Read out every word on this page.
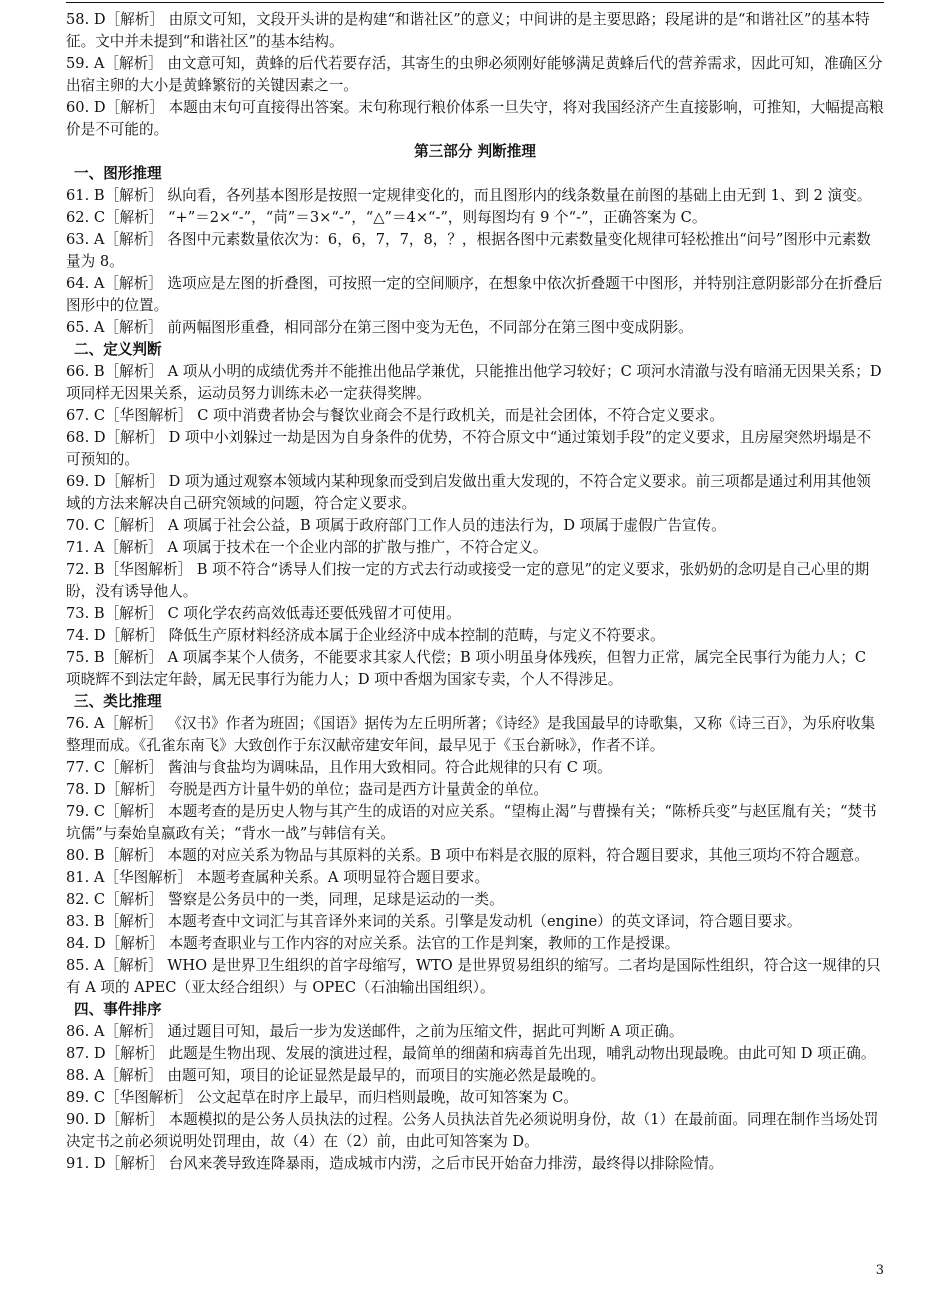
58. D［解析］ 由原文可知，文段开头讲的是构建“和谐社区”的意义；中间讲的是主要思路；段尾讲的是“和谐社区”的基本特征。文中并未提到“和谐社区”的基本结构。

59. A［解析］ 由文意可知，黄蜂的后代若要存活，其寄生的虫卵必须刚好能够满足黄蜂后代的营养需求，因此可知，准确区分出宿主卵的大小是黄蜂繁衍的关键因素之一。

60. D［解析］ 本题由末句可直接得出答案。末句称现行粮价体系一旦失守，将对我国经济产生直接影响，可推知，大幅提高粮价是不可能的。

第三部分 判断推理

一、图形推理

61. B［解析］ 纵向看，各列基本图形是按照一定规律变化的，而且图形内的线条数量在前图的基础上由无到 1、到 2 演变。

62. C［解析］ “+”＝2×“-”，“苘”＝3×“-”，“△”＝4×“-”，则每图均有 9 个“-”，正确答案为 C。

63. A［解析］ 各图中元素数量依次为：6，6，7，7，8，？，根据各图中元素数量变化规律可轻松推出“问号”图形中元素数量为 8。

64. A［解析］ 选项应是左图的折叠图，可按照一定的空间顺序，在想象中依次折叠题干中图形，并特别注意阴影部分在折叠后图形中的位置。

65. A［解析］ 前两幅图形重叠，相同部分在第三图中变为无色，不同部分在第三图中变成阴影。

二、定义判断

66. B［解析］ A 项从小明的成绩优秀并不能推出他品学兼优，只能推出他学习较好；C 项河水清澈与没有暗涌无因果关系；D 项同样无因果关系，运动员努力训练未必一定获得奖牌。

67. C［华图解析］ C 项中消费者协会与餐饮业商会不是行政机关，而是社会团体，不符合定义要求。

68. D［解析］ D 项中小刘躲过一劫是因为自身条件的优势，不符合原文中“通过策划手段”的定义要求，且房屋突然坍塌是不可预知的。

69. D［解析］ D 项为通过观察本领域内某种现象而受到启发做出重大发现的，不符合定义要求。前三项都是通过利用其他领域的方法来解决自己研究领域的问题，符合定义要求。

70. C［解析］ A 项属于社会公益，B 项属于政府部门工作人员的违法行为，D 项属于虚假广告宣传。

71. A［解析］ A 项属于技术在一个企业内部的扩散与推广，不符合定义。

72. B［华图解析］ B 项不符合“诱导人们按一定的方式去行动或接受一定的意见”的定义要求，张奶奶的念叨是自己心里的期盼，没有诱导他人。

73. B［解析］ C 项化学农药高效低毒还要低残留才可使用。

74. D［解析］ 降低生产原材料经济成本属于企业经济中成本控制的范畴，与定义不符要求。

75. B［解析］ A 项属李某个人债务，不能要求其家人代偿；B 项小明虽身体残疾，但智力正常，属完全民事行为能力人；C 项晓辉不到法定年龄，属无民事行为能力人；D 项中香烟为国家专卖，个人不得涉足。

三、类比推理

76. A［解析］ 《汉书》作者为班固；《国语》据传为左丘明所著；《诗经》是我国最早的诗歌集，又称《诗三百》，为乐府收集整理而成。《孔雀东南飞》大致创作于东汉献帝建安年间，最早见于《玉台新咏》，作者不详。

77. C［解析］ 酱油与食盐均为调味品，且作用大致相同。符合此规律的只有 C 项。

78. D［解析］ 夸脱是西方计量牛奶的单位；盎司是西方计量黄金的单位。

79. C［解析］ 本题考查的是历史人物与其产生的成语的对应关系。“望梅止渴”与曹操有关；“陈桥兵变”与赵匡胤有关；“焚书坑儒”与秦始皇嬴政有关；“背水一战”与韩信有关。

80. B［解析］ 本题的对应关系为物品与其原料的关系。B 项中布料是衣服的原料，符合题目要求，其他三项均不符合题意。

81. A［华图解析］ 本题考查属种关系。A 项明显符合题目要求。

82. C［解析］ 警察是公务员中的一类，同理，足球是运动的一类。

83. B［解析］ 本题考查中文词汇与其音译外来词的关系。引擎是发动机（engine）的英文译词，符合题目要求。

84. D［解析］ 本题考查职业与工作内容的对应关系。法官的工作是判案，教师的工作是授课。

85. A［解析］ WHO 是世界卫生组织的首字母缩写，WTO 是世界贸易组织的缩写。二者均是国际性组织，符合这一规律的只有 A 项的 APEC（亚太经合组织）与 OPEC（石油输出国组织）。

四、事件排序

86. A［解析］ 通过题目可知，最后一步为发送邮件，之前为压缩文件，据此可判断 A 项正确。

87. D［解析］ 此题是生物出现、发展的演进过程，最简单的细菌和病毒首先出现，哺乳动物出现最晚。由此可知 D 项正确。

88. A［解析］ 由题可知，项目的论证显然是最早的，而项目的实施必然是最晚的。

89. C［华图解析］ 公文起草在时序上最早，而归档则最晚，故可知答案为 C。

90. D［解析］ 本题模拟的是公务人员执法的过程。公务人员执法首先必须说明身份，故（1）在最前面。同理在制作当场处罚决定书之前必须说明处罚理由，故（4）在（2）前，由此可知答案为 D。

91. D［解析］ 台风来袭导致连降暴雨，造成城市内涝，之后市民开始奋力排涝，最终得以排除险情。

3
